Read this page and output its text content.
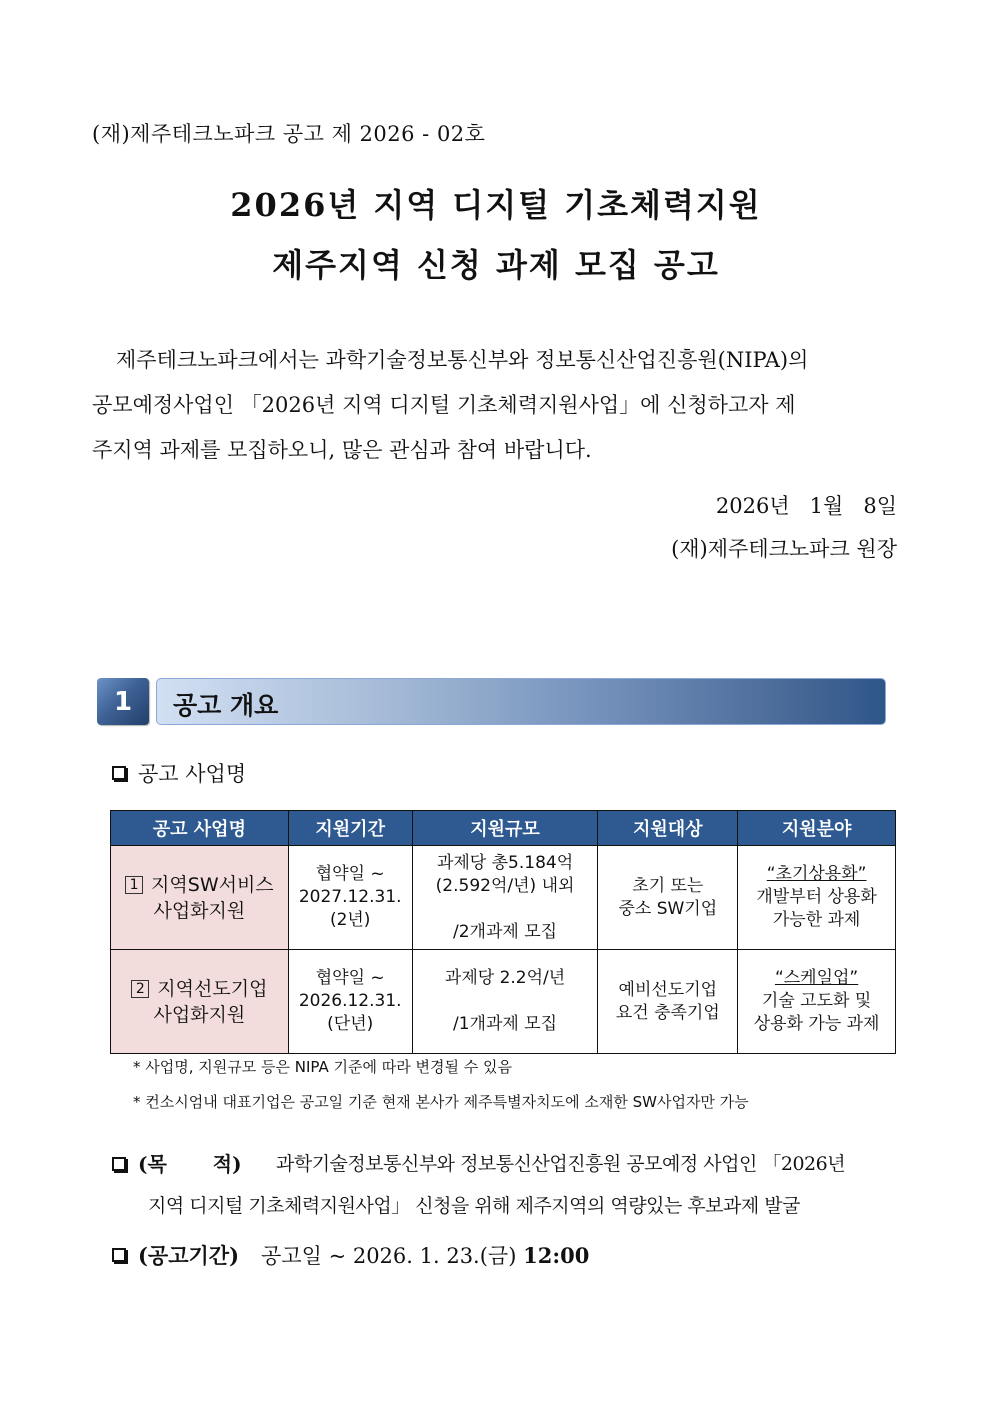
(재)제주테크노파크 공고 제 2026 - 02호
2026년 지역 디지털 기초체력지원
제주지역 신청 과제 모집 공고
제주테크노파크에서는 과학기술정보통신부와 정보통신산업진흥원(NIPA)의
공모예정사업인 「2026년 지역 디지털 기초체력지원사업」에 신청하고자 제
주지역 과제를 모집하오니, 많은 관심과 참여 바랍니다.
2026년   1월   8일
(재)제주테크노파크 원장
1	공고 개요
공고 사업명
공고 사업명	지원기간	지원규모	지원대상	지원분야
1 지역SW서비스
사업화지원	협약일 ~
2027.12.31.
(2년)	과제당 총5.184억
(2.592억/년) 내외
/2개과제 모집	초기 또는
중소 SW기업	“초기상용화”
개발부터 상용화
가능한 과제
2 지역선도기업
사업화지원	협약일 ~
2026.12.31.
(단년)	과제당 2.2억/년
/1개과제 모집	예비선도기업
요건 충족기업	“스케일업”
기술 고도화 및
상용화 가능 과제
* 사업명, 지원규모 등은 NIPA 기준에 따라 변경될 수 있음
* 컨소시엄내 대표기업은 공고일 기준 현재 본사가 제주특별자치도에 소재한 SW사업자만 가능
(목 적)	과학기술정보통신부와 정보통신산업진흥원 공모예정 사업인 「2026년
지역 디지털 기초체력지원사업」 신청을 위해 제주지역의 역량있는 후보과제 발굴
(공고기간) 공고일 ~ 2026. 1. 23.(금)
12:00
